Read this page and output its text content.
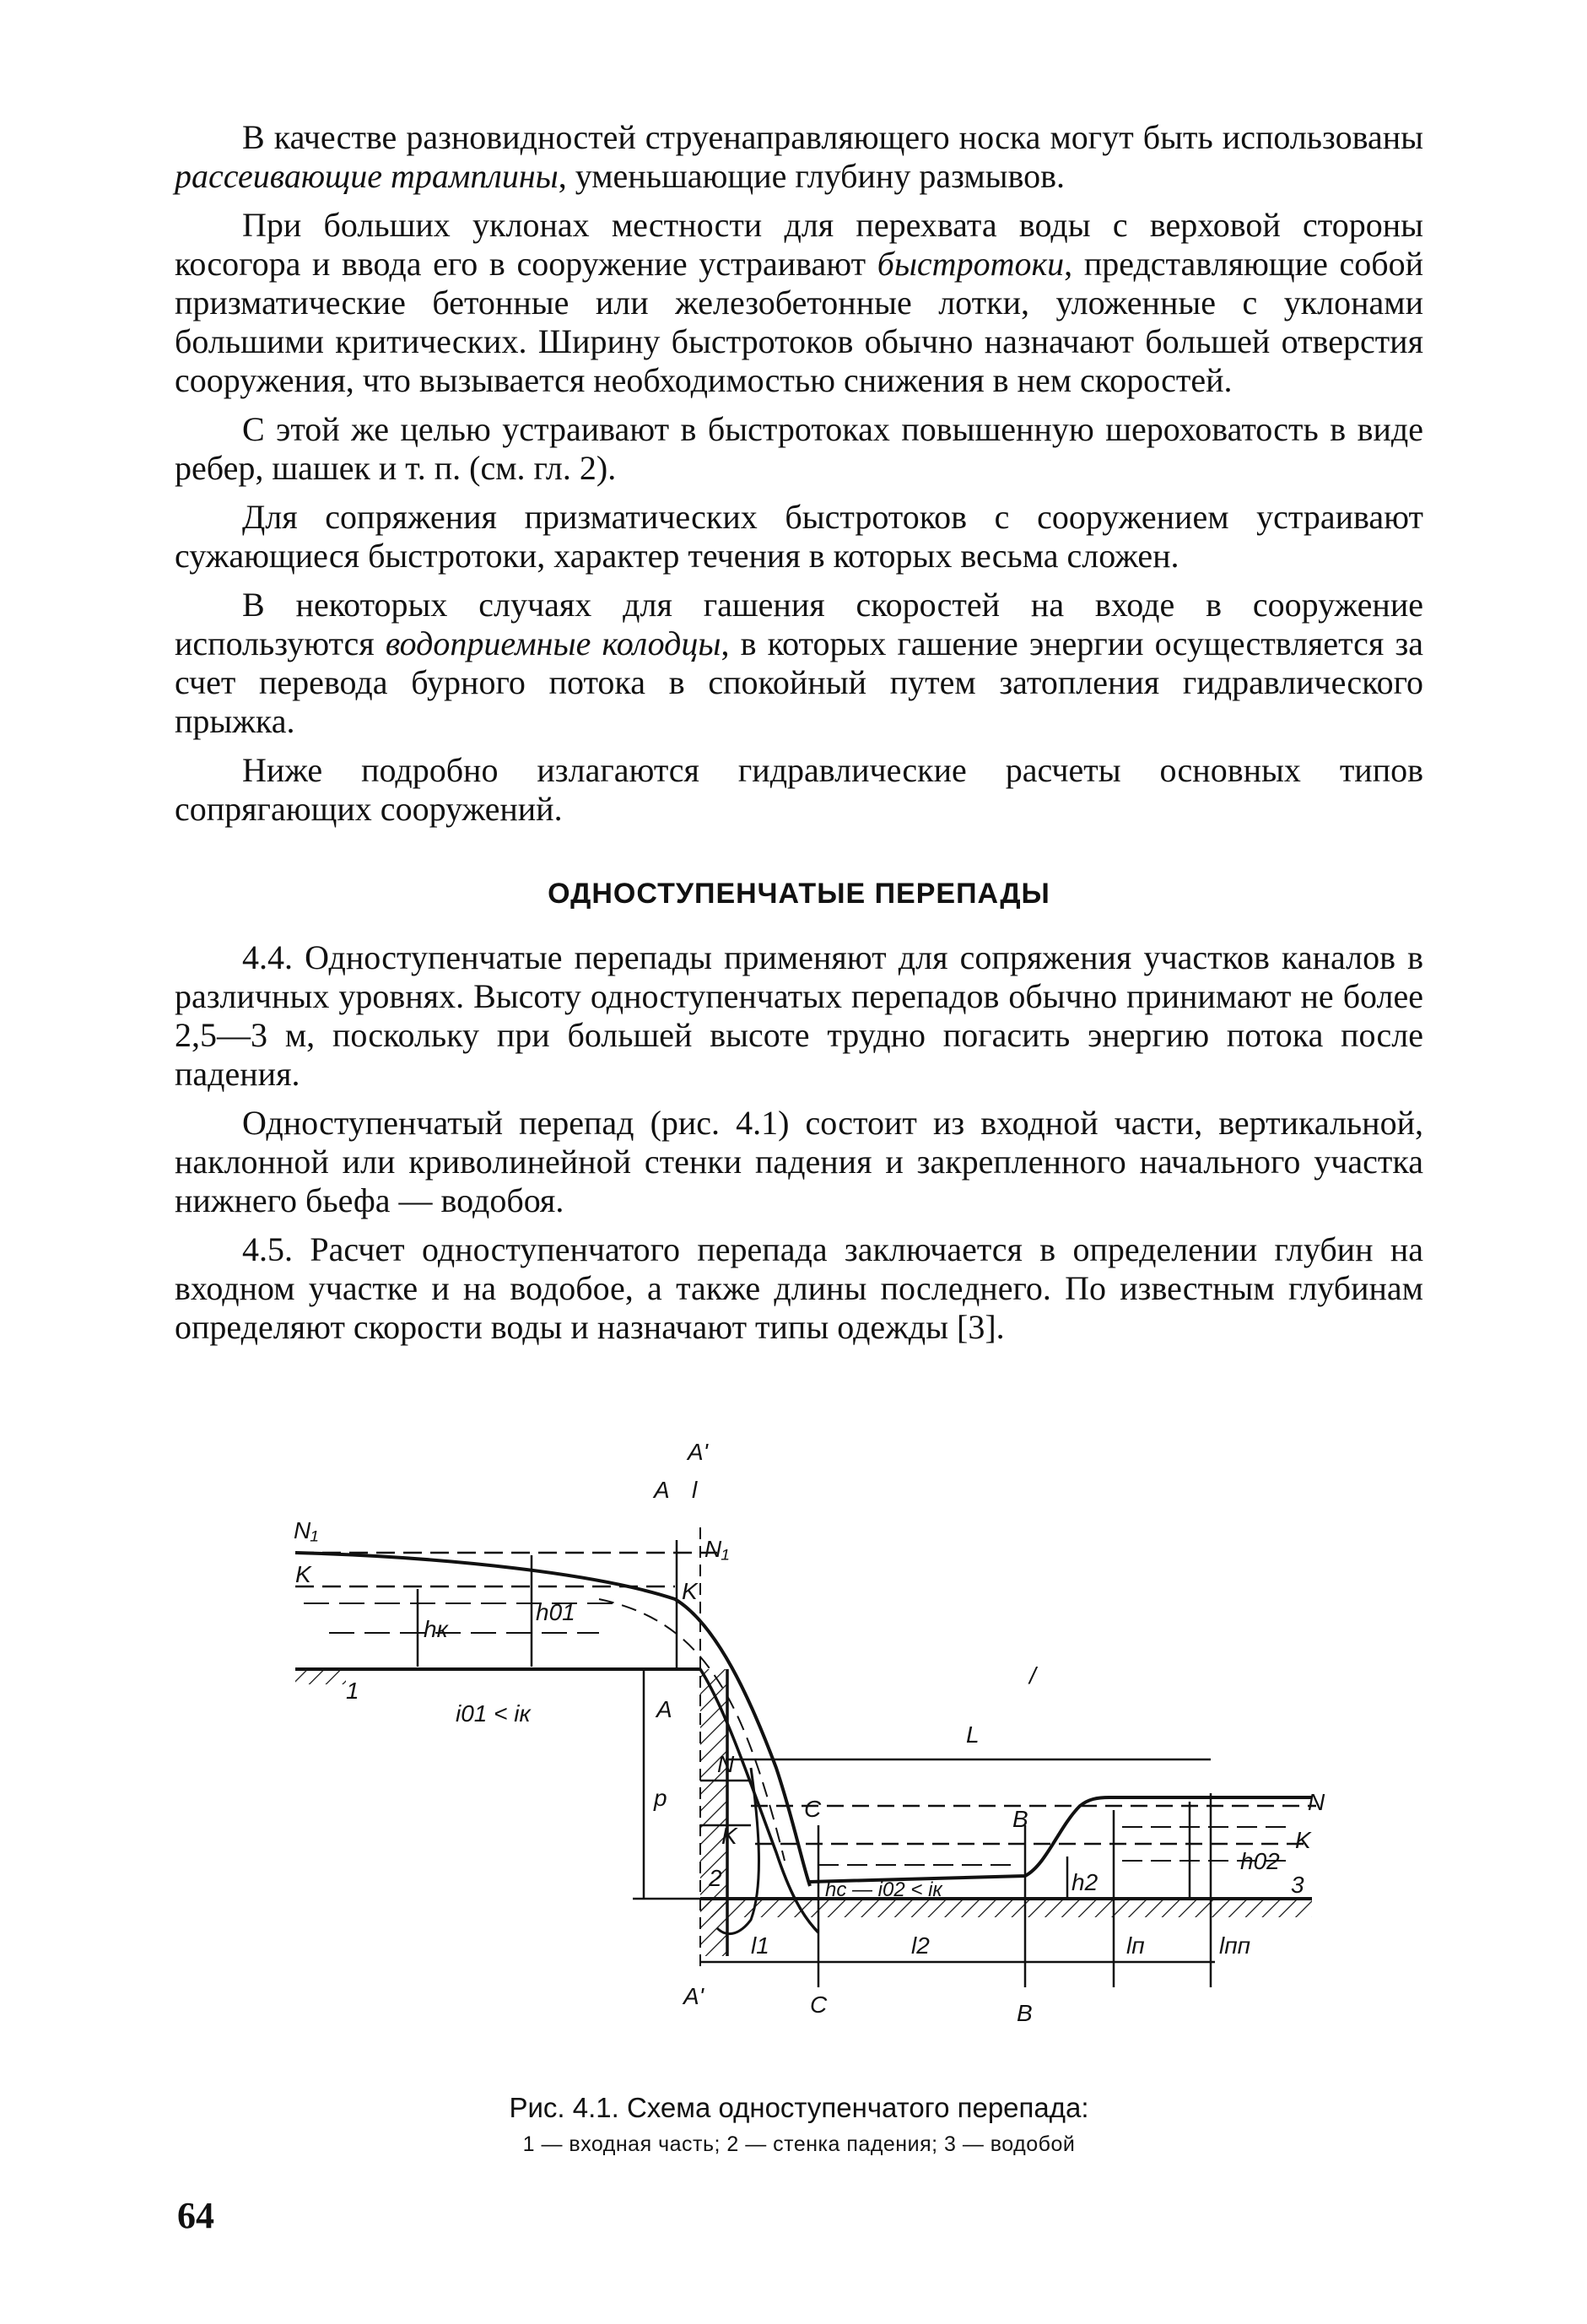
В качестве разновидностей струенаправляющего носка могут быть использованы рассеивающие трамплины, уменьшающие глубину размывов.

При больших уклонах местности для перехвата воды с верховой стороны косогора и ввода его в сооружение устраивают быстротоки, представляющие собой призматические бетонные или железобетонные лотки, уложенные с уклонами большими критических. Ширину быстротоков обычно назначают большей отверстия сооружения, что вызывается необходимостью снижения в нем скоростей.

С этой же целью устраивают в быстротоках повышенную шероховатость в виде ребер, шашек и т. п. (см. гл. 2).

Для сопряжения призматических быстротоков с сооружением устраивают сужающиеся быстротоки, характер течения в которых весьма сложен.

В некоторых случаях для гашения скоростей на входе в сооружение используются водоприемные колодцы, в которых гашение энергии осуществляется за счет перевода бурного потока в спокойный путем затопления гидравлического прыжка.

Ниже подробно излагаются гидравлические расчеты основных типов сопрягающих сооружений.

ОДНОСТУПЕНЧАТЫЕ ПЕРЕПАДЫ

4.4. Одноступенчатые перепады применяют для сопряжения участков каналов в различных уровнях. Высоту одноступенчатых перепадов обычно принимают не более 2,5—3 м, поскольку при большей высоте трудно погасить энергию потока после падения.

Одноступенчатый перепад (рис. 4.1) состоит из входной части, вертикальной, наклонной или криволинейной стенки падения и закрепленного начального участка нижнего бьефа — водобоя.

4.5. Расчет одноступенчатого перепада заключается в определении глубин на входном участке и на водобое, а также длины последнего. По известным глубинам определяют скорости воды и назначают типы одежды [3].

A'
A l
N₁
N₁
K
K
hк
h01
1
i01 < iк	A
p
L
/
N
N
K	K
C	B
2	hc — i02 < iк	h2
h02
3
l1	l2	lп	lпп
A'	C	B
Рис. 4.1. Схема одноступенчатого перепада:
1 — входная часть; 2 — стенка падения; 3 — водобой
64
